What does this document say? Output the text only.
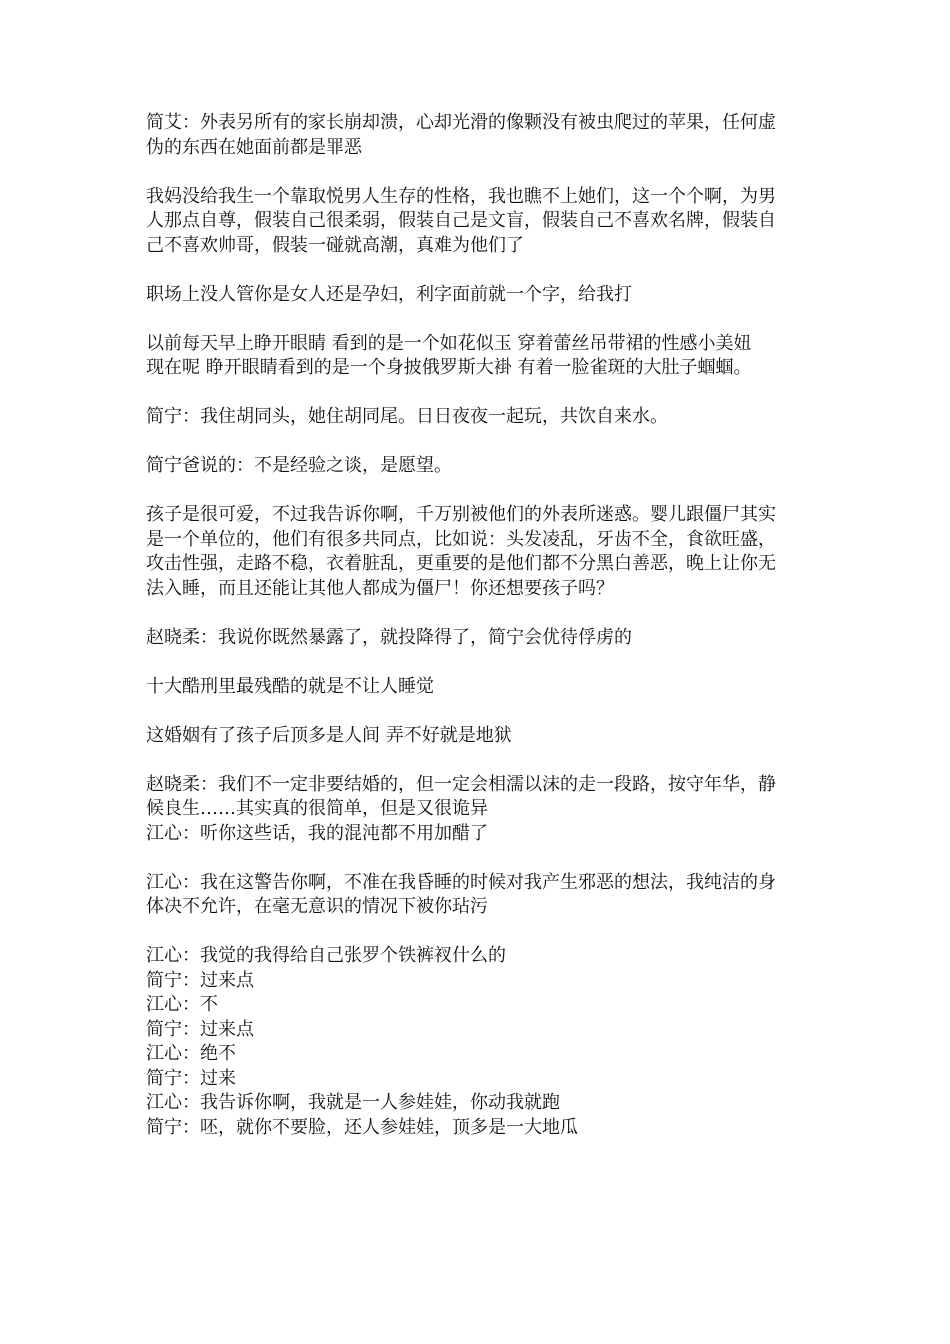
简艾：外表另所有的家长崩却溃，心却光滑的像颗没有被虫爬过的苹果，任何虚
伪的东西在她面前都是罪恶
我妈没给我生一个靠取悦男人生存的性格，我也瞧不上她们，这一个个啊，为男
人那点自尊，假装自己很柔弱，假装自己是文盲，假装自己不喜欢名牌，假装自
己不喜欢帅哥，假装一碰就高潮，真难为他们了
职场上没人管你是女人还是孕妇，利字面前就一个字，给我打
以前每天早上睁开眼睛 看到的是一个如花似玉 穿着蕾丝吊带裙的性感小美妞
现在呢 睁开眼睛看到的是一个身披俄罗斯大褂 有着一脸雀斑的大肚子蝈蝈。
简宁：我住胡同头，她住胡同尾。日日夜夜一起玩，共饮自来水。
简宁爸说的：不是经验之谈，是愿望。
孩子是很可爱，不过我告诉你啊，千万别被他们的外表所迷惑。婴儿跟僵尸其实
是一个单位的，他们有很多共同点，比如说：头发凌乱，牙齿不全，食欲旺盛，
攻击性强，走路不稳，衣着脏乱，更重要的是他们都不分黑白善恶，晚上让你无
法入睡，而且还能让其他人都成为僵尸！你还想要孩子吗？
赵晓柔：我说你既然暴露了，就投降得了，简宁会优待俘虏的
十大酷刑里最残酷的就是不让人睡觉
这婚姻有了孩子后顶多是人间 弄不好就是地狱
赵晓柔：我们不一定非要结婚的，但一定会相濡以沫的走一段路，按守年华，静
候良生……其实真的很简单，但是又很诡异
江心：听你这些话，我的混沌都不用加醋了
江心：我在这警告你啊，不准在我昏睡的时候对我产生邪恶的想法，我纯洁的身
体决不允许，在毫无意识的情况下被你玷污
江心：我觉的我得给自己张罗个铁裤衩什么的
简宁：过来点
江心：不
简宁：过来点
江心：绝不
简宁：过来
江心：我告诉你啊，我就是一人参娃娃，你动我就跑
简宁：呸，就你不要脸，还人参娃娃，顶多是一大地瓜
